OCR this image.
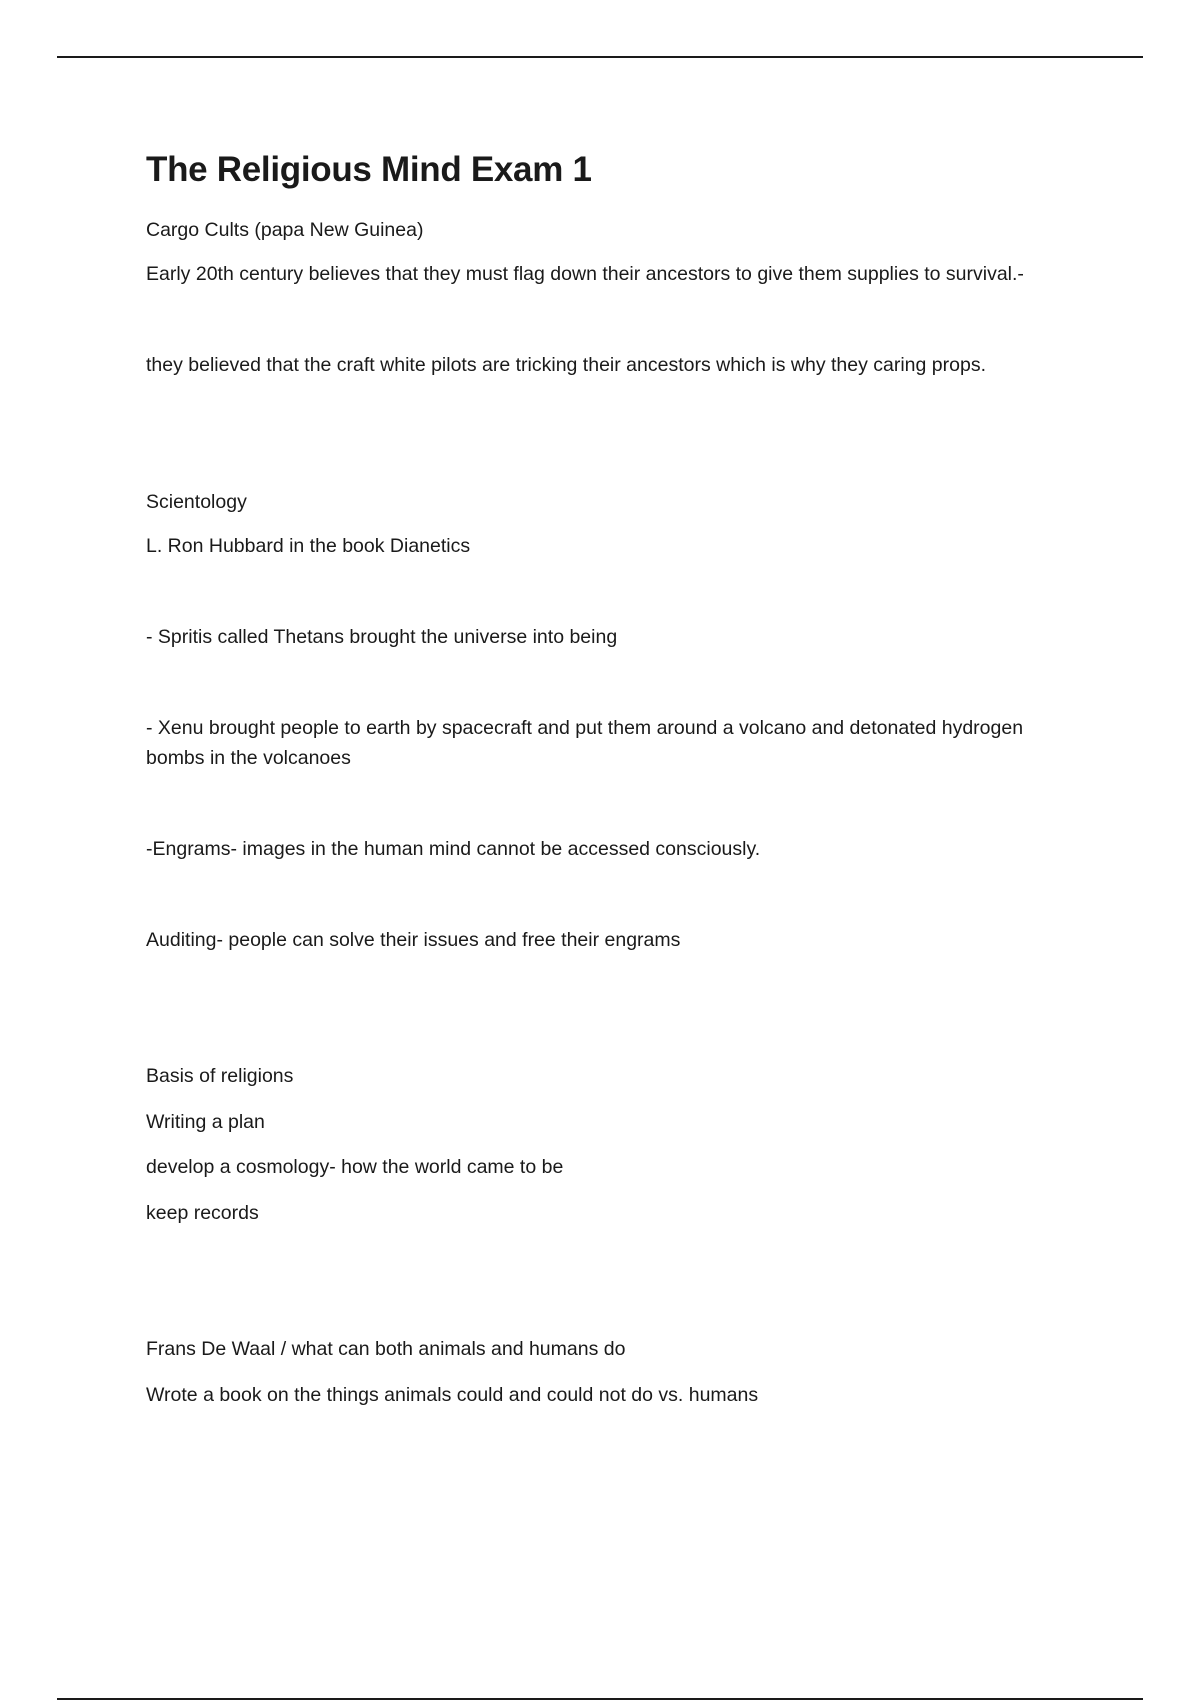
The Religious Mind Exam 1

Cargo Cults (papa New Guinea)

Early 20th century believes that they must flag down their ancestors to give them supplies to survival.-

they believed that the craft white pilots are tricking their ancestors which is why they caring props.

Scientology

L. Ron Hubbard in the book Dianetics

- Spritis called Thetans brought the universe into being

- Xenu brought people to earth by spacecraft and put them around a volcano and detonated hydrogen bombs in the volcanoes

-Engrams- images in the human mind cannot be accessed consciously.

Auditing- people can solve their issues and free their engrams

Basis of religions

Writing a plan

develop a cosmology- how the world came to be

keep records

Frans De Waal / what can both animals and humans do

Wrote a book on the things animals could and could not do vs. humans
